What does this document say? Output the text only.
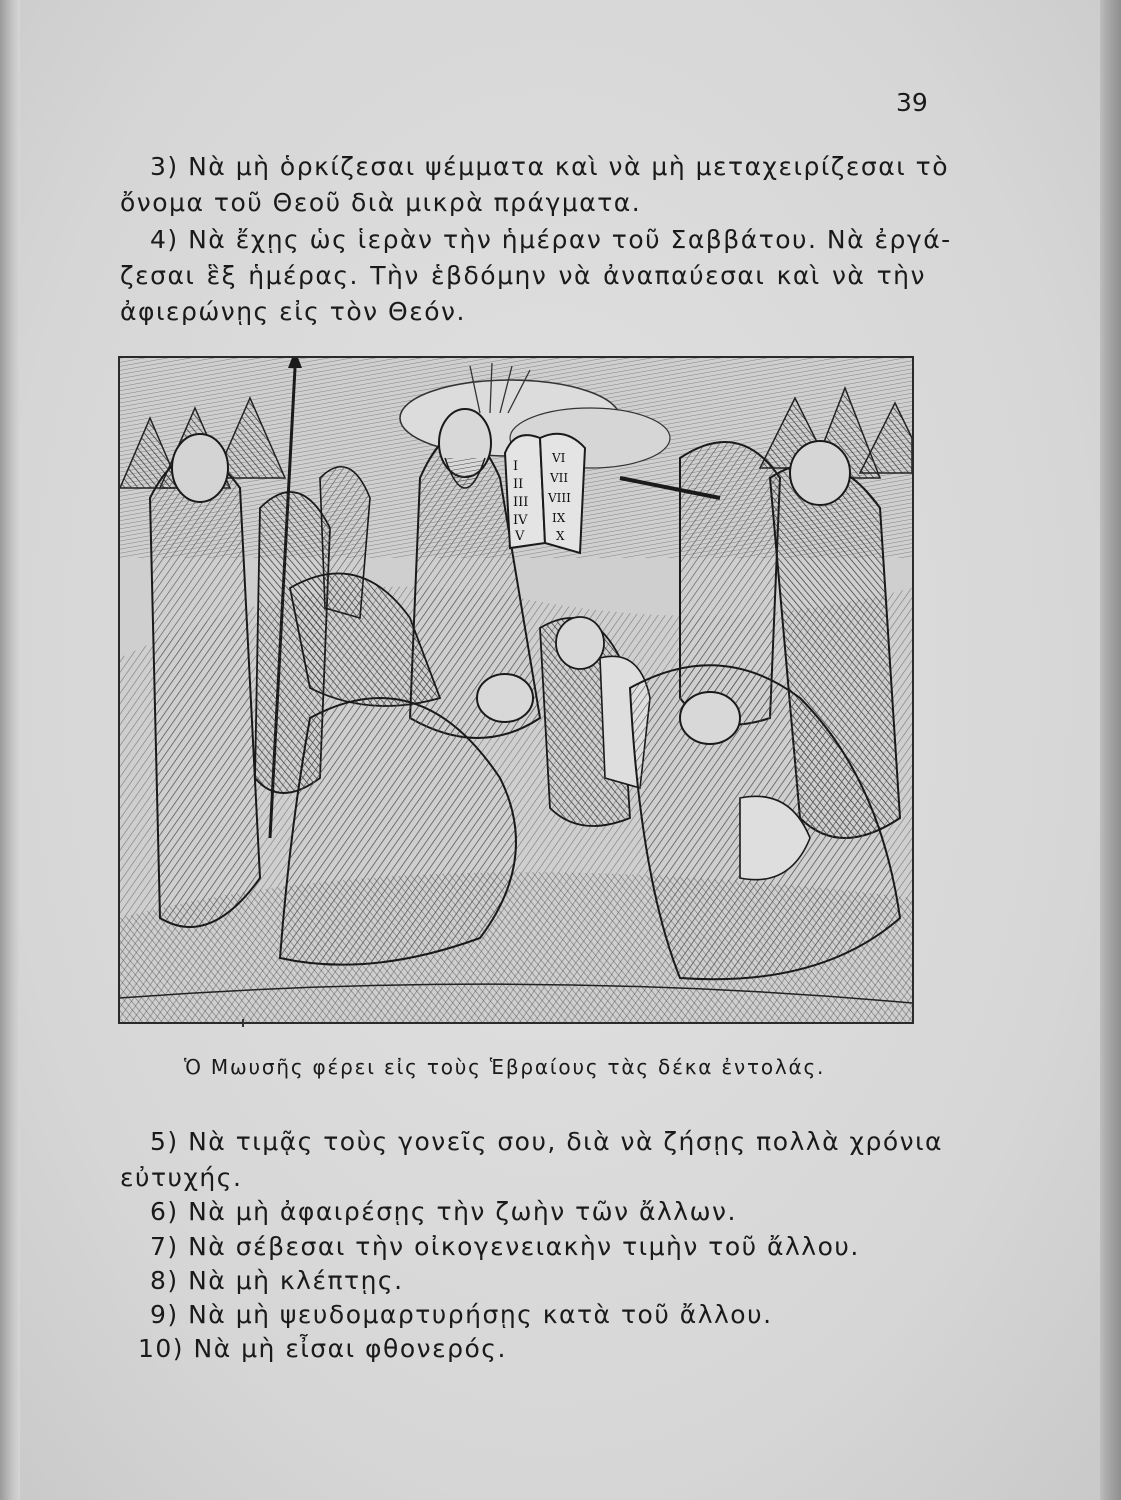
39
3) Νὰ μὴ ὁρκίζεσαι ψέμματα καὶ νὰ μὴ μεταχειρίζεσαι τὸ
ὄνομα τοῦ Θεοῦ διὰ μικρὰ πράγματα.
4) Νὰ ἔχῃς ὡς ἱερὰν τὴν ἡμέραν τοῦ Σαββάτου. Νὰ ἐργά-
ζεσαι ἓξ ἡμέρας. Τὴν ἑβδόμην νὰ ἀναπαύεσαι καὶ νὰ τὴν
ἀφιερώνῃς εἰς τὸν Θεόν.
I
II
III
IV
V
VI
VII
VIII
IX
X
Ὁ Μωυσῆς φέρει εἰς τοὺς Ἑβραίους τὰς δέκα ἐντολάς.
5) Νὰ τιμᾷς τοὺς γονεῖς σου, διὰ νὰ ζήσῃς πολλὰ χρόνια
εὐτυχής.
6) Νὰ μὴ ἀφαιρέσῃς τὴν ζωὴν τῶν ἄλλων.
7) Νὰ σέβεσαι τὴν οἰκογενειακὴν τιμὴν τοῦ ἄλλου.
8) Νὰ μὴ κλέπτῃς.
9) Νὰ μὴ ψευδομαρτυρήσῃς κατὰ τοῦ ἄλλου.
10) Νὰ μὴ εἶσαι φθονερός.
